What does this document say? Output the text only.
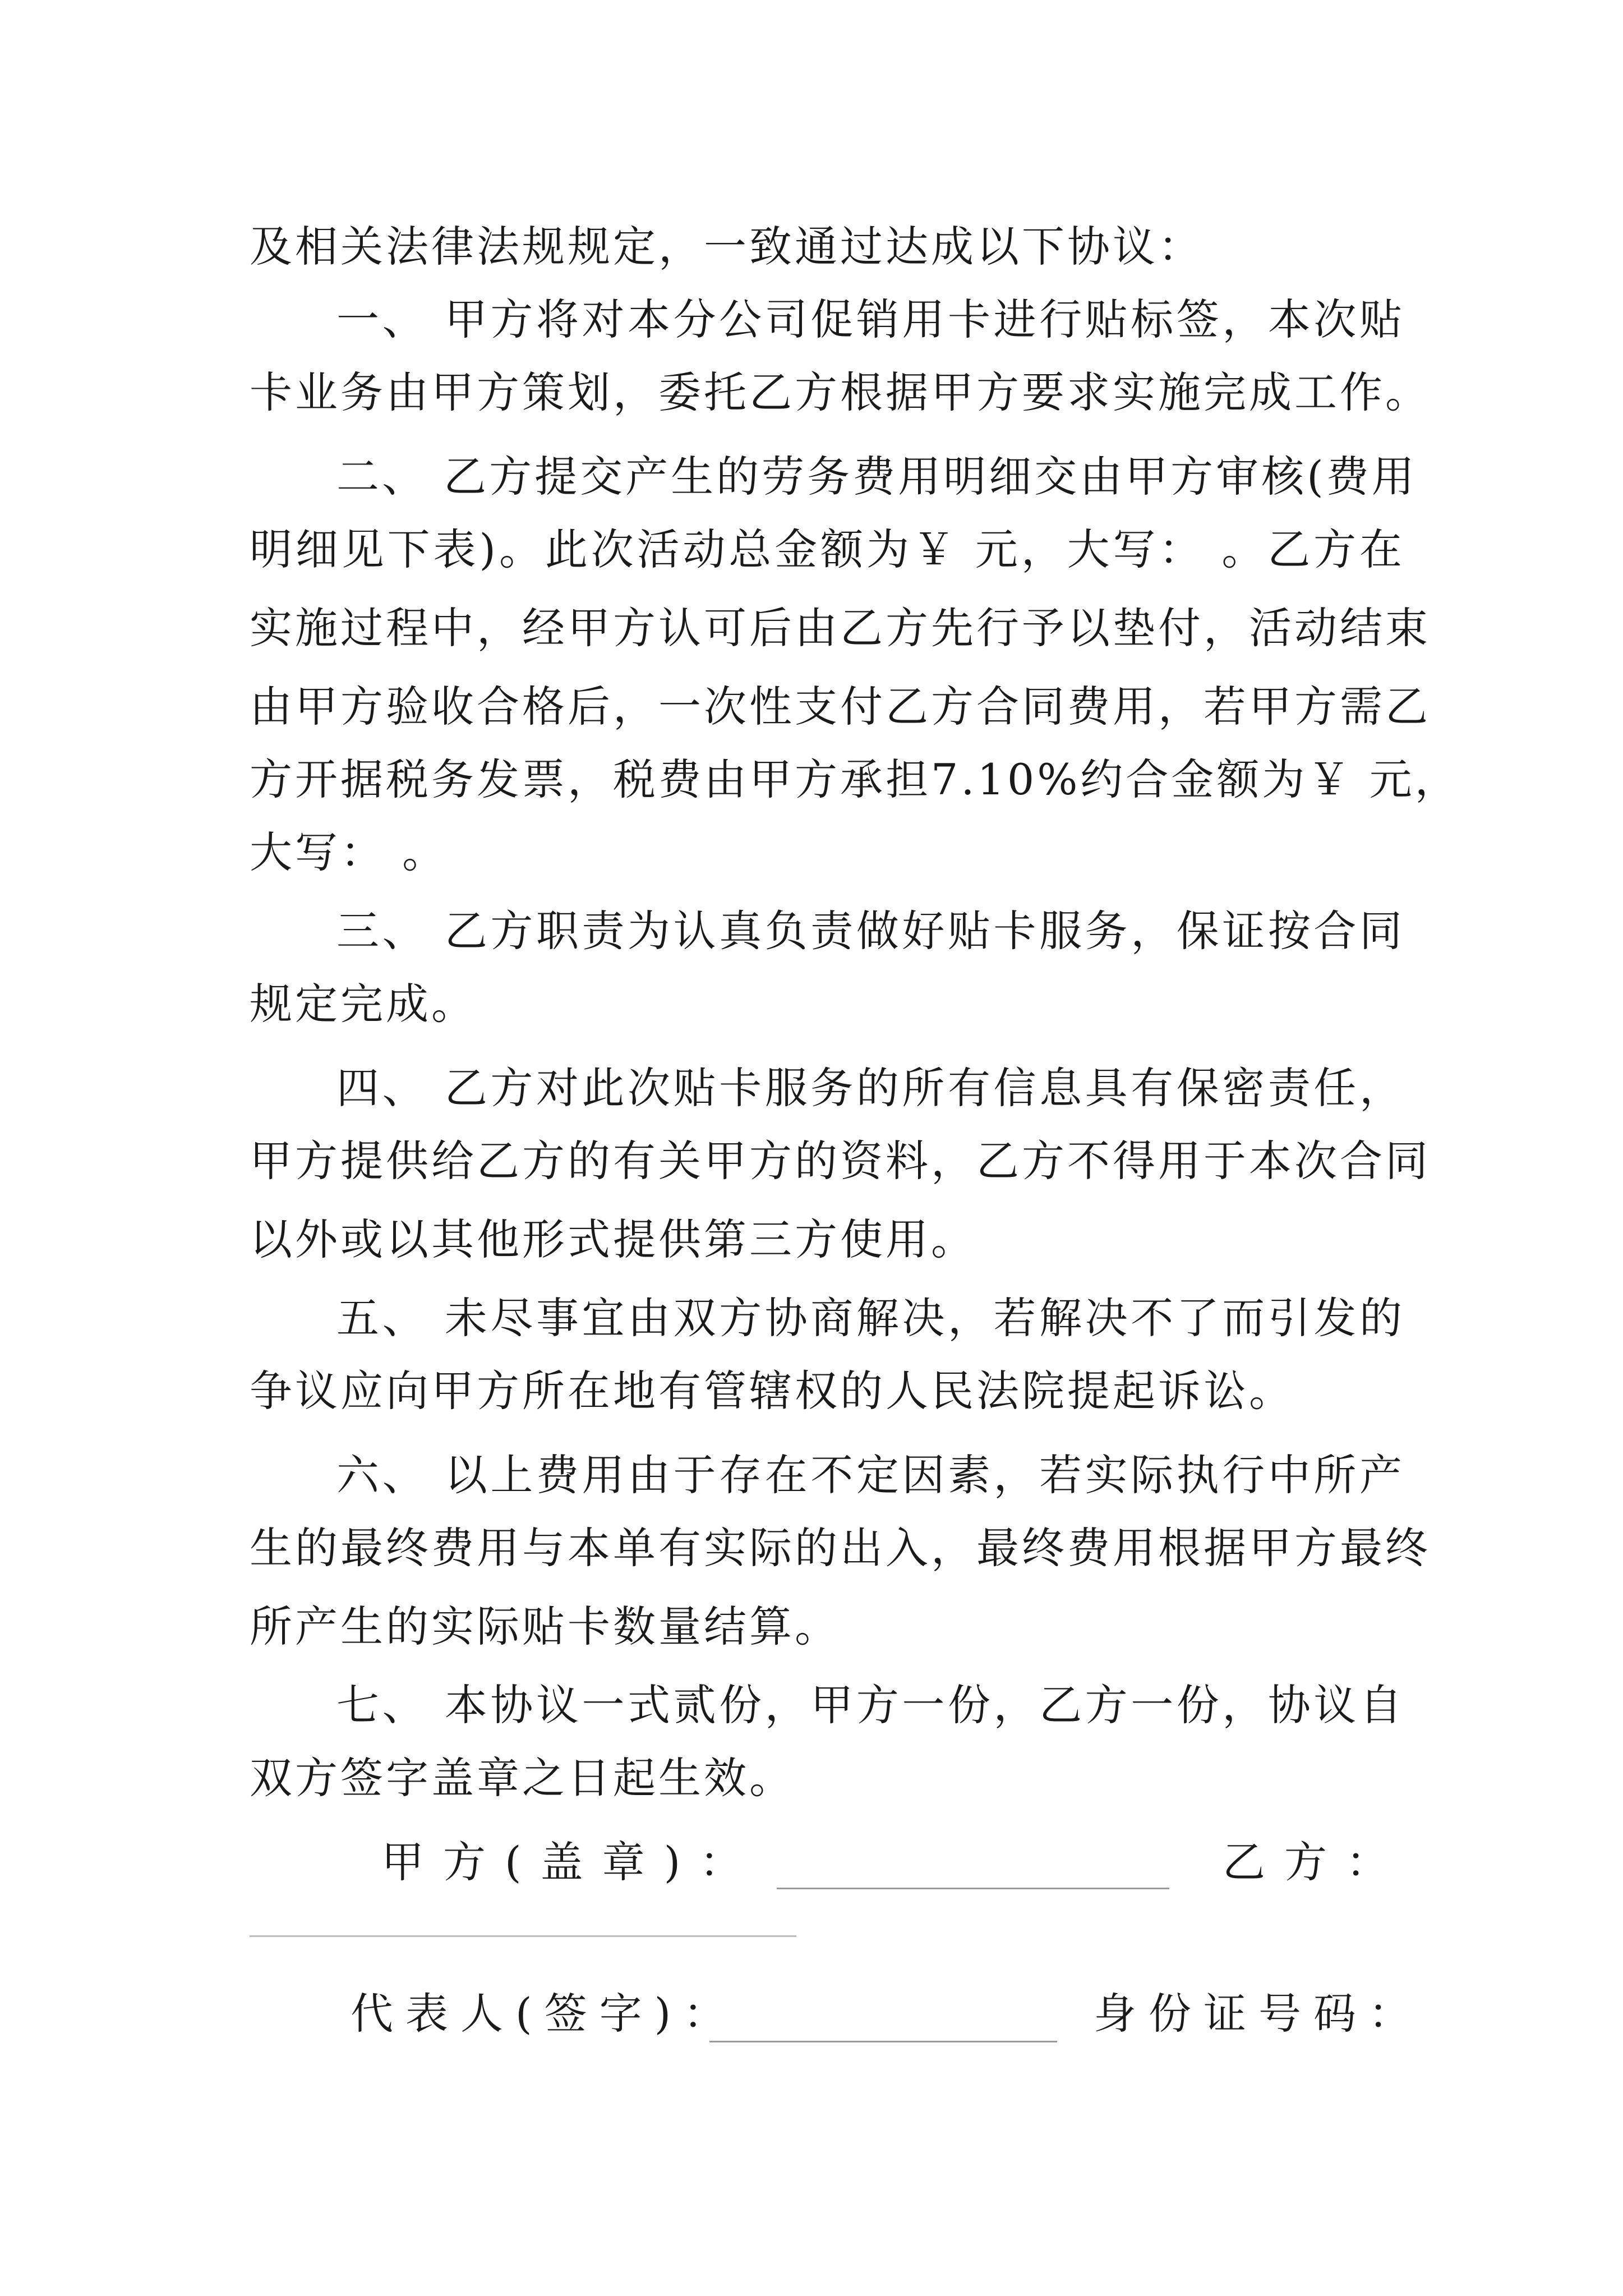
及相关法律法规规定，一致通过达成以下协议：
一、 甲方将对本分公司促销用卡进行贴标签，本次贴
卡业务由甲方策划，委托乙方根据甲方要求实施完成工作。
二、 乙方提交产生的劳务费用明细交由甲方审核(费用
明细见下表)。此次活动总金额为￥ 元，大写： 。乙方在
实施过程中，经甲方认可后由乙方先行予以垫付，活动结束
由甲方验收合格后，一次性支付乙方合同费用，若甲方需乙
方开据税务发票，税费由甲方承担7.10%约合金额为￥ 元，
大写： 。
三、 乙方职责为认真负责做好贴卡服务，保证按合同
规定完成。
四、 乙方对此次贴卡服务的所有信息具有保密责任，
甲方提供给乙方的有关甲方的资料，乙方不得用于本次合同
以外或以其他形式提供第三方使用。
五、 未尽事宜由双方协商解决，若解决不了而引发的
争议应向甲方所在地有管辖权的人民法院提起诉讼。
六、 以上费用由于存在不定因素，若实际执行中所产
生的最终费用与本单有实际的出入，最终费用根据甲方最终
所产生的实际贴卡数量结算。
七、 本协议一式贰份，甲方一份，乙方一份，协议自
双方签字盖章之日起生效。
甲方(盖章)：	乙方：
代表人(签字)：	身份证号码：
